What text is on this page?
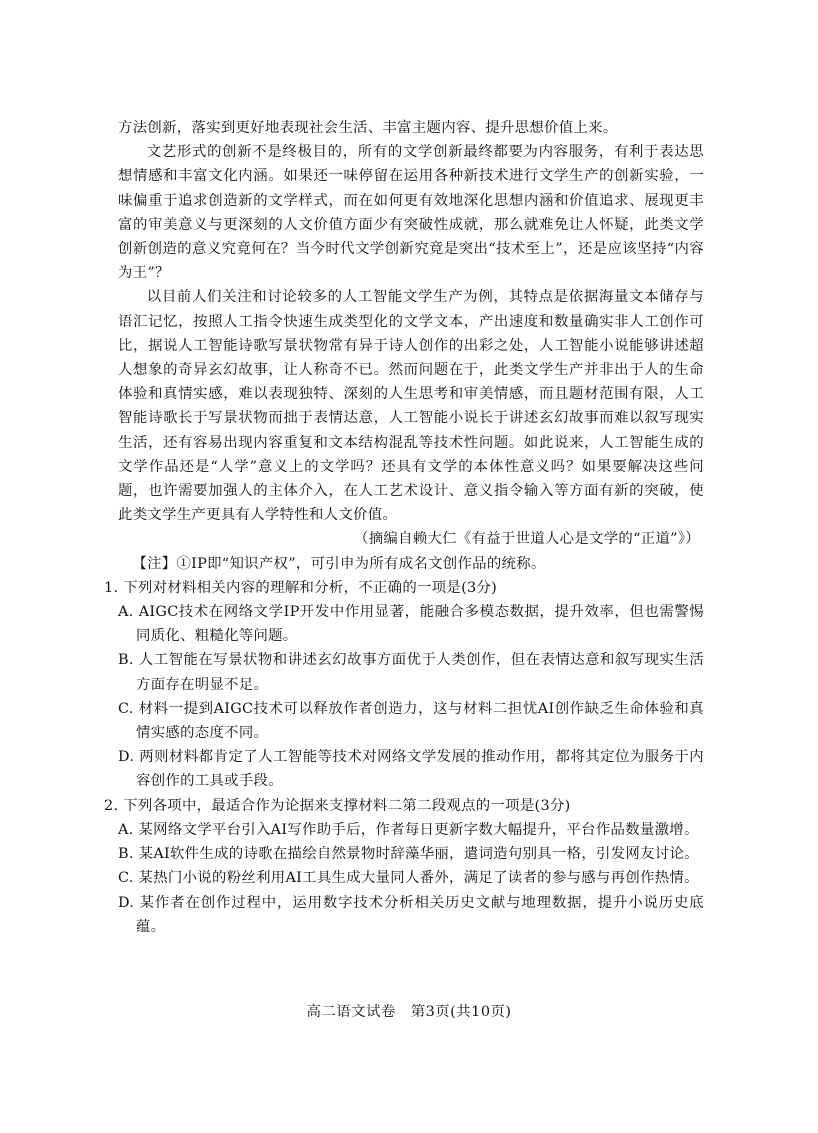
方法创新，落实到更好地表现社会生活、丰富主题内容、提升思想价值上来。

文艺形式的创新不是终极目的，所有的文学创新最终都要为内容服务，有利于表达思想情感和丰富文化内涵。如果还一味停留在运用各种新技术进行文学生产的创新实验，一味偏重于追求创造新的文学样式，而在如何更有效地深化思想内涵和价值追求、展现更丰富的审美意义与更深刻的人文价值方面少有突破性成就，那么就难免让人怀疑，此类文学创新创造的意义究竟何在？当今时代文学创新究竟是突出“技术至上”，还是应该坚持“内容为王”？

以目前人们关注和讨论较多的人工智能文学生产为例，其特点是依据海量文本储存与语汇记忆，按照人工指令快速生成类型化的文学文本，产出速度和数量确实非人工创作可比，据说人工智能诗歌写景状物常有异于诗人创作的出彩之处，人工智能小说能够讲述超人想象的奇异玄幻故事，让人称奇不已。然而问题在于，此类文学生产并非出于人的生命体验和真情实感，难以表现独特、深刻的人生思考和审美情感，而且题材范围有限，人工智能诗歌长于写景状物而拙于表情达意，人工智能小说长于讲述玄幻故事而难以叙写现实生活，还有容易出现内容重复和文本结构混乱等技术性问题。如此说来，人工智能生成的文学作品还是“人学”意义上的文学吗？还具有文学的本体性意义吗？如果要解决这些问题，也许需要加强人的主体介入，在人工艺术设计、意义指令输入等方面有新的突破，使此类文学生产更具有人学特性和人文价值。

（摘编自赖大仁《有益于世道人心是文学的“正道”》）

【注】①IP即“知识产权”，可引申为所有成名文创作品的统称。

1. 下列对材料相关内容的理解和分析，不正确的一项是(3分)

A. AIGC技术在网络文学IP开发中作用显著，能融合多模态数据，提升效率，但也需警惕同质化、粗糙化等问题。

B. 人工智能在写景状物和讲述玄幻故事方面优于人类创作，但在表情达意和叙写现实生活方面存在明显不足。

C. 材料一提到AIGC技术可以释放作者创造力，这与材料二担忧AI创作缺乏生命体验和真情实感的态度不同。

D. 两则材料都肯定了人工智能等技术对网络文学发展的推动作用，都将其定位为服务于内容创作的工具或手段。

2. 下列各项中，最适合作为论据来支撑材料二第二段观点的一项是(3分)

A. 某网络文学平台引入AI写作助手后，作者每日更新字数大幅提升，平台作品数量激增。

B. 某AI软件生成的诗歌在描绘自然景物时辞藻华丽，遣词造句别具一格，引发网友讨论。

C. 某热门小说的粉丝利用AI工具生成大量同人番外，满足了读者的参与感与再创作热情。

D. 某作者在创作过程中，运用数字技术分析相关历史文献与地理数据，提升小说历史底蕴。

高二语文试卷　第3页(共10页)
